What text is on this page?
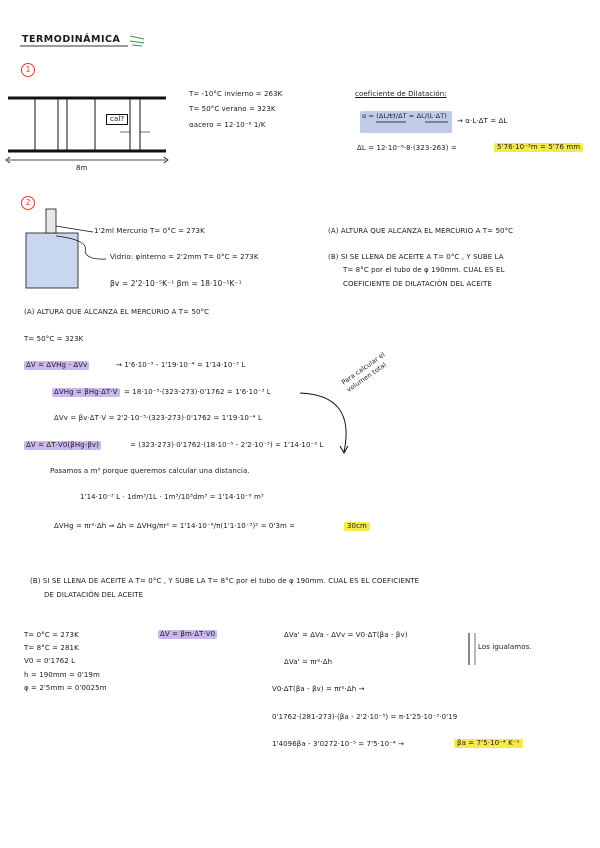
TERMODINÁMICA
1
cal?
8m
T= -10°C invierno = 263K
T= 50°C verano = 323K
αacero = 12·10⁻⁶ 1/K
coeficiente de Dilatación:
α = (ΔL/L)/ΔT = ΔL/(L·ΔT)
→ α·L·ΔT = ΔL
ΔL = 12·10⁻⁶·8·(323-263) =	5'76·10⁻³m = 5'76 mm
2
1'2ml Mercurio T= 0°C = 273K
Vidrio: φinterno = 2'2mm T= 0°C = 273K
βv = 2'2·10⁻⁵K⁻¹ βm = 18·10⁻⁵K⁻¹
(A) ALTURA QUE ALCANZA EL MERCURIO A T= 50°C
(B) SI SE LLENA DE ACEITE A T= 0°C , Y SUBE LA
T= 8°C por el tubo de φ 190mm. CUAL ES EL
COEFICIENTE DE DILATACIÓN DEL ACEITE
(A) ALTURA QUE ALCANZA EL MERCURIO A T= 50°C
T= 50°C = 323K
ΔV = ΔVHg - ΔVv	→ 1'6·10⁻³ - 1'19·10⁻⁴ = 1'14·10⁻³ L
ΔVHg = βHg·ΔT·V = 18·10⁻⁵·(323-273)·0'1762 = 1'6·10⁻³ L
ΔVv = βv·ΔT·V = 2'2·10⁻⁵·(323-273)·0'1762 = 1'19·10⁻⁴ L
ΔV = ΔT·V0(βHg-βv)	= (323-273)·0'1762·(18·10⁻⁵ - 2'2·10⁻⁵) = 1'14·10⁻³ L
Para calcular el volumen total
Pasamos a m³ porque queremos calcular una distancia.
1'14·10⁻³ L · 1dm³/1L · 1m³/10³dm³ = 1'14·10⁻⁶ m³
ΔVHg = πr²·Δh ⇒ Δh = ΔVHg/πr² = 1'14·10⁻⁶/π(1'1·10⁻³)² = 0'3m =	30cm
(B) SI SE LLENA DE ACEITE A T= 0°C , Y SUBE LA T= 8°C por el tubo de φ 190mm. CUAL ES EL COEFICIENTE
DE DILATACIÓN DEL ACEITE
T= 0°C = 273K
T= 8°C = 281K
V0 = 0'1762 L
h = 190mm = 0'19m
φ = 2'5mm = 0'0025m
ΔV = βm·ΔT·V0	ΔVa' = ΔVa - ΔVv = V0·ΔT(βa - βv)
ΔVa' = πr²·Δh
Los igualamos.
V0·ΔT(βa - βv) = πr²·Δh →
0'1762·(281-273)·(βa - 2'2·10⁻⁵) = π·1'25·10⁻³·0'19
1'4096βa - 3'0272·10⁻⁵ = 7'5·10⁻⁴ →	βa = 7'5·10⁻⁴ K⁻¹
